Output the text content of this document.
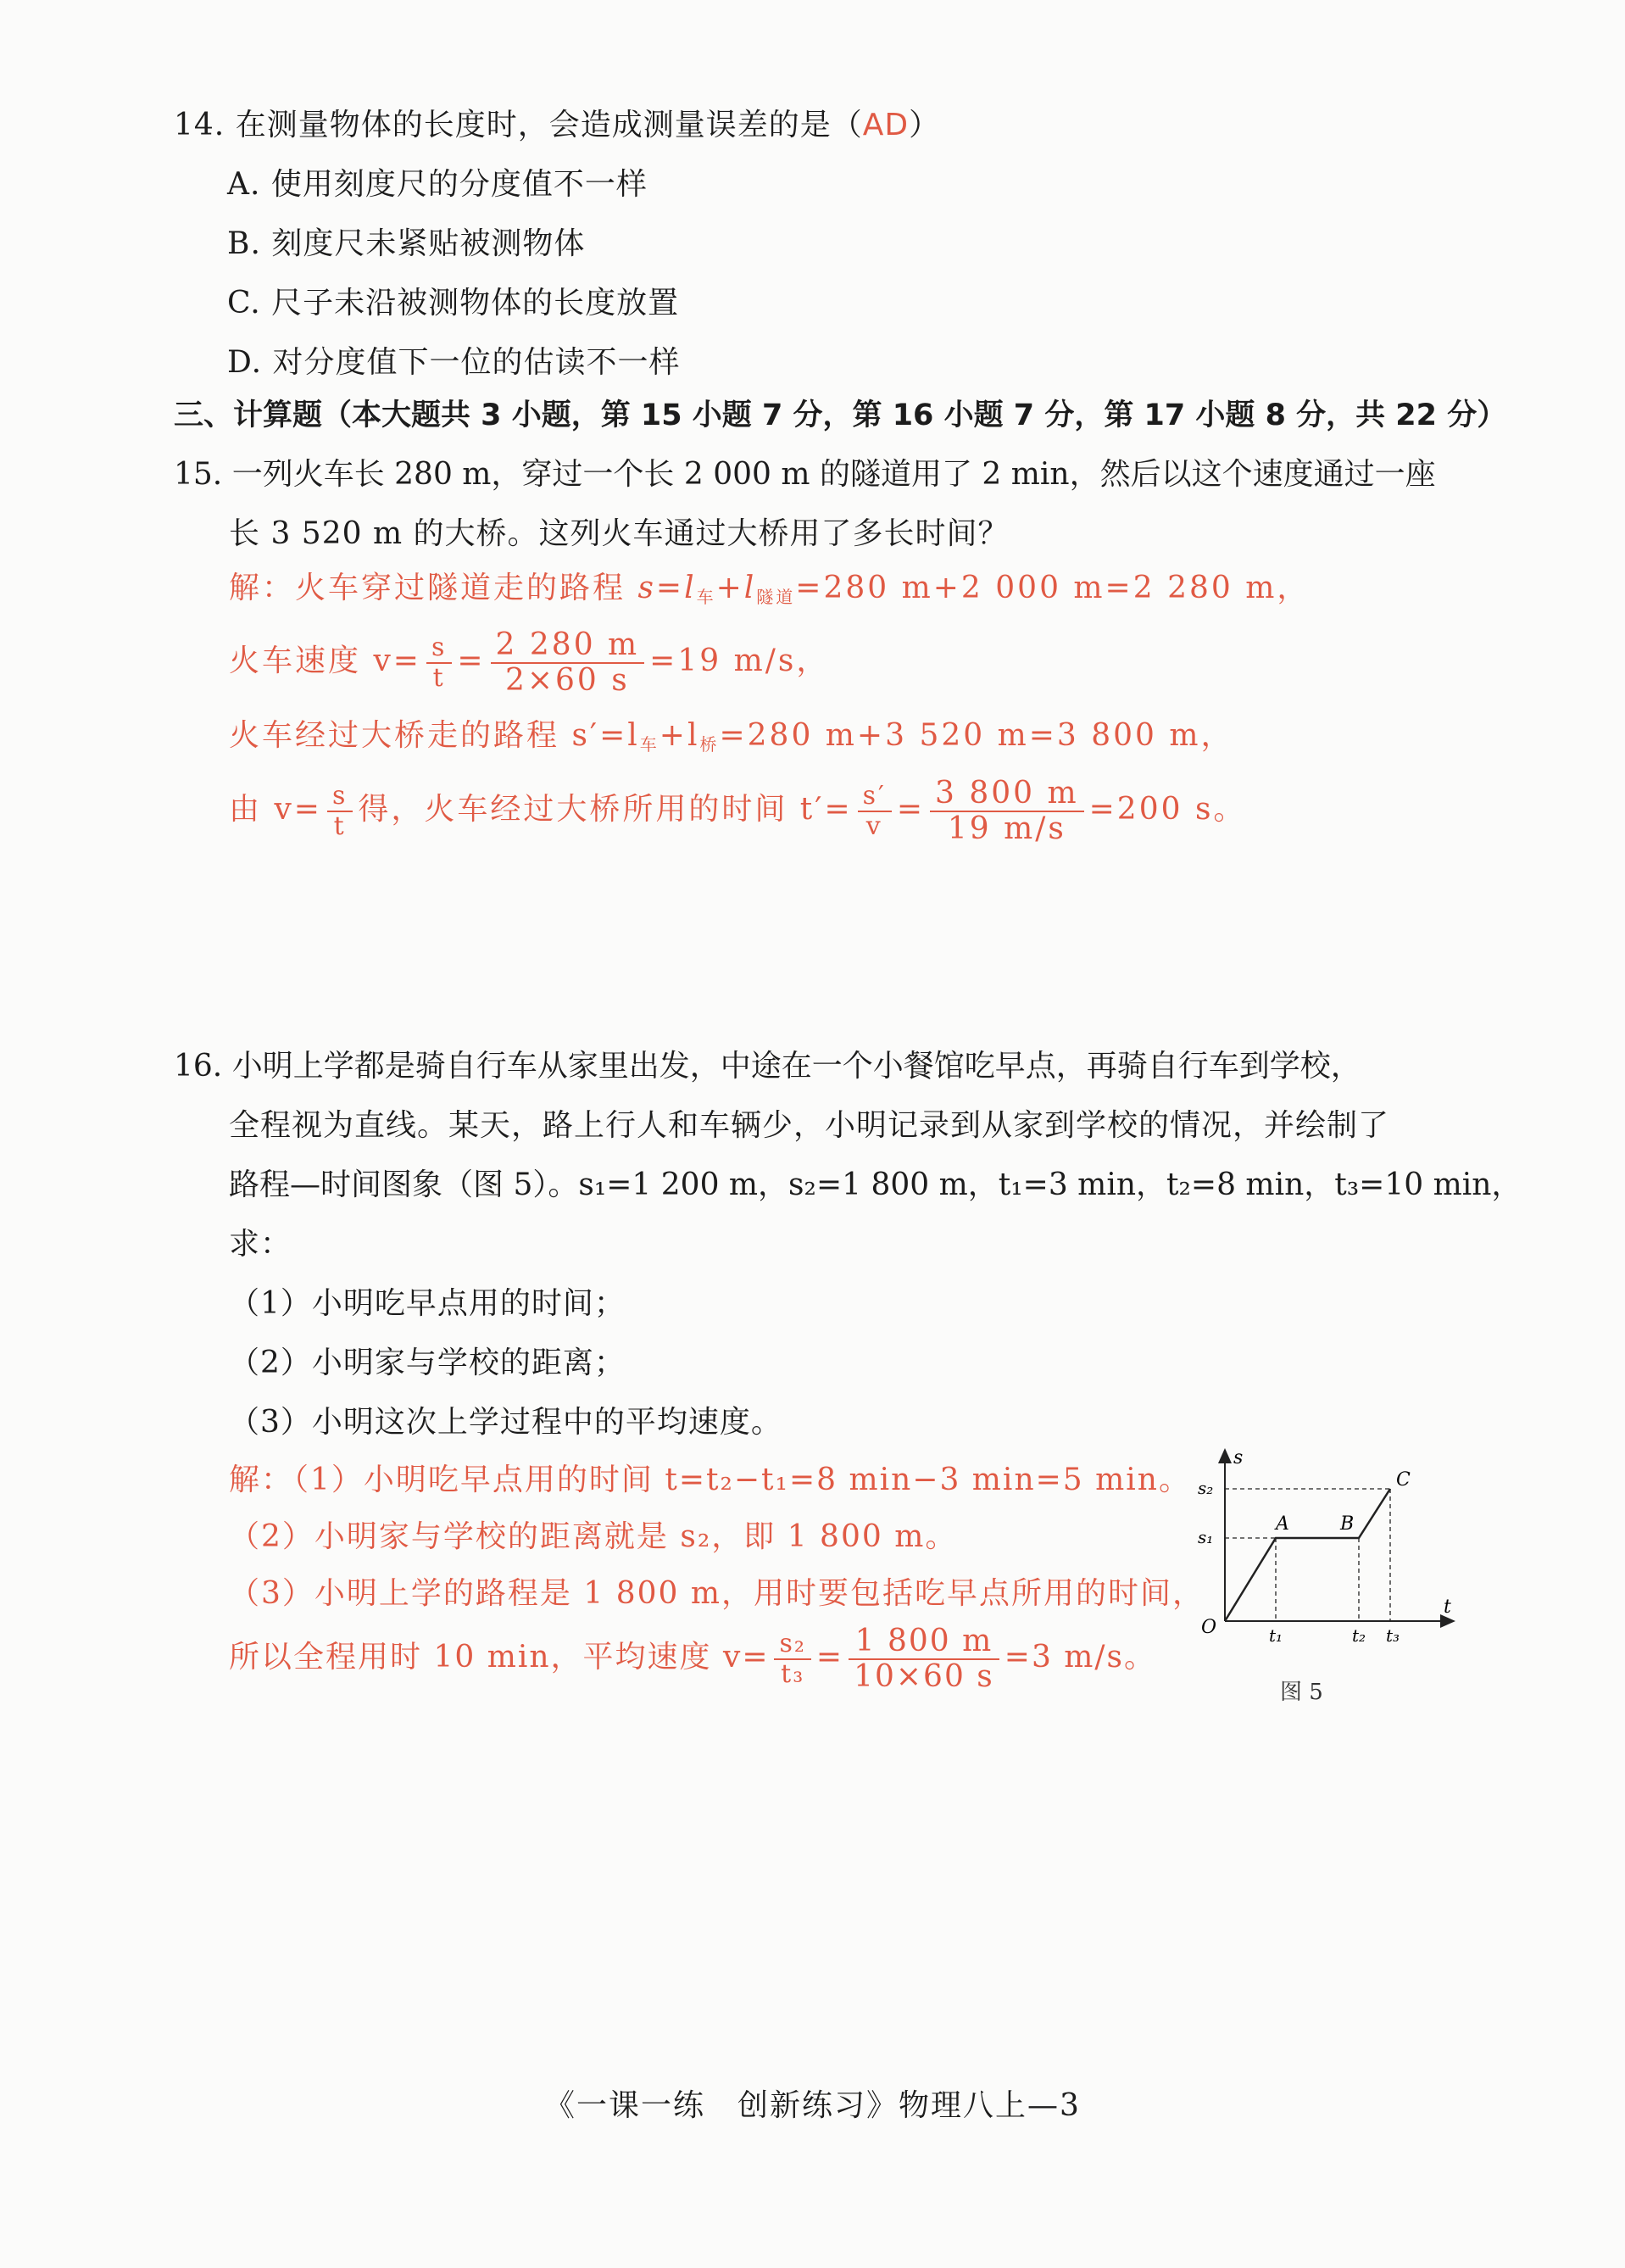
14. 在测量物体的长度时，会造成测量误差的是（AD）
A. 使用刻度尺的分度值不一样
B. 刻度尺未紧贴被测物体
C. 尺子未沿被测物体的长度放置
D. 对分度值下一位的估读不一样
三、计算题（本大题共 3 小题，第 15 小题 7 分，第 16 小题 7 分，第 17 小题 8 分，共 22 分）
15. 一列火车长 280 m，穿过一个长 2 000 m 的隧道用了 2 min，然后以这个速度通过一座
长 3 520 m 的大桥。这列火车通过大桥用了多长时间？
解：火车穿过隧道走的路程 $s=l_车+l_{隧道}=280$ m+2 000 m=2 280 m，
火车速度 $v= \frac{s}{t} = \frac{2 280 m}{2\times 60 s} =19$ m/s，
火车经过大桥走的路程 $s'=l_车+l_桥=280$ m+3 520 m=3 800 m，
由 $v= \frac{s}{t}$ 得，火车经过大桥所用的时间 $t'= \frac{s'}{v} = \frac{3 800 m}{19 m/s} =200$ s。
16. 小明上学都是骑自行车从家里出发，中途在一个小餐馆吃早点，再骑自行车到学校，
全程视为直线。某天，路上行人和车辆少，小明记录到从家到学校的情况，并绘制了
路程—时间图象（图 5）。s₁=1 200 m，s₂=1 800 m，t₁=3 min，t₂=8 min，t₃=10 min，
求：
（1）小明吃早点用的时间；
（2）小明家与学校的距离；
（3）小明这次上学过程中的平均速度。
解：（1）小明吃早点用的时间 t=t₂−t₁=8 min−3 min=5 min。
（2）小明家与学校的距离就是 s₂，即 1 800 m。
（3）小明上学的路程是 1 800 m，用时要包括吃早点所用的时间，
所以全程用时 10 min，平均速度 $v= \frac{\text{s₂}}{\text{t₃}} = \frac{1 800 m}{10\times 60 s} =3$ m/s。
s
t
O
s₂
s₁
t₁	t₂ t₃
A	B
C
图 5
《一课一练　创新练习》物理八上—3
